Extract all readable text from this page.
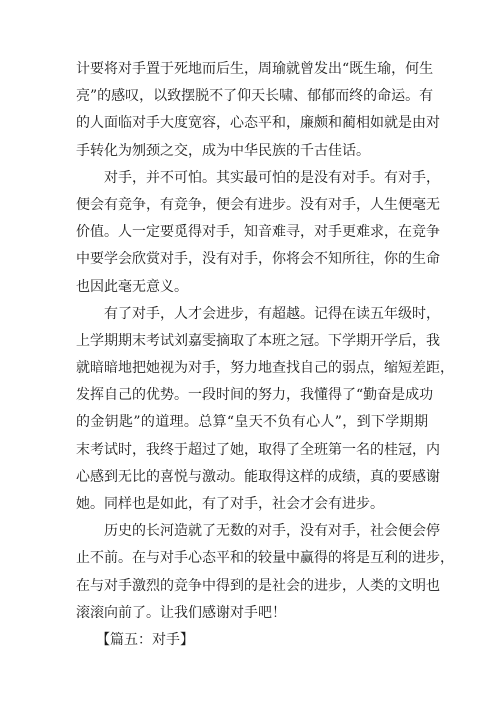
计要将对手置于死地而后生，周瑜就曾发出“既生瑜，何生
亮”的感叹，以致摆脱不了仰天长啸、郁郁而终的命运。有
的人面临对手大度宽容，心态平和，廉颇和蔺相如就是由对
手转化为刎颈之交，成为中华民族的千古佳话。
对手，并不可怕。其实最可怕的是没有对手。有对手，
便会有竞争，有竞争，便会有进步。没有对手，人生便毫无
价值。人一定要觅得对手，知音难寻，对手更难求，在竞争
中要学会欣赏对手，没有对手，你将会不知所往，你的生命
也因此毫无意义。
有了对手，人才会进步，有超越。记得在读五年级时，
上学期期末考试刘嘉雯摘取了本班之冠。下学期开学后，我
就暗暗地把她视为对手，努力地查找自己的弱点，缩短差距，
发挥自己的优势。一段时间的努力，我懂得了“勤奋是成功
的金钥匙”的道理。总算“皇天不负有心人”，到下学期期
末考试时，我终于超过了她，取得了全班第一名的桂冠，内
心感到无比的喜悦与激动。能取得这样的成绩，真的要感谢
她。同样也是如此，有了对手，社会才会有进步。
历史的长河造就了无数的对手，没有对手，社会便会停
止不前。在与对手心态平和的较量中赢得的将是互利的进步，
在与对手激烈的竞争中得到的是社会的进步，人类的文明也
滚滚向前了。让我们感谢对手吧！
【篇五：对手】
